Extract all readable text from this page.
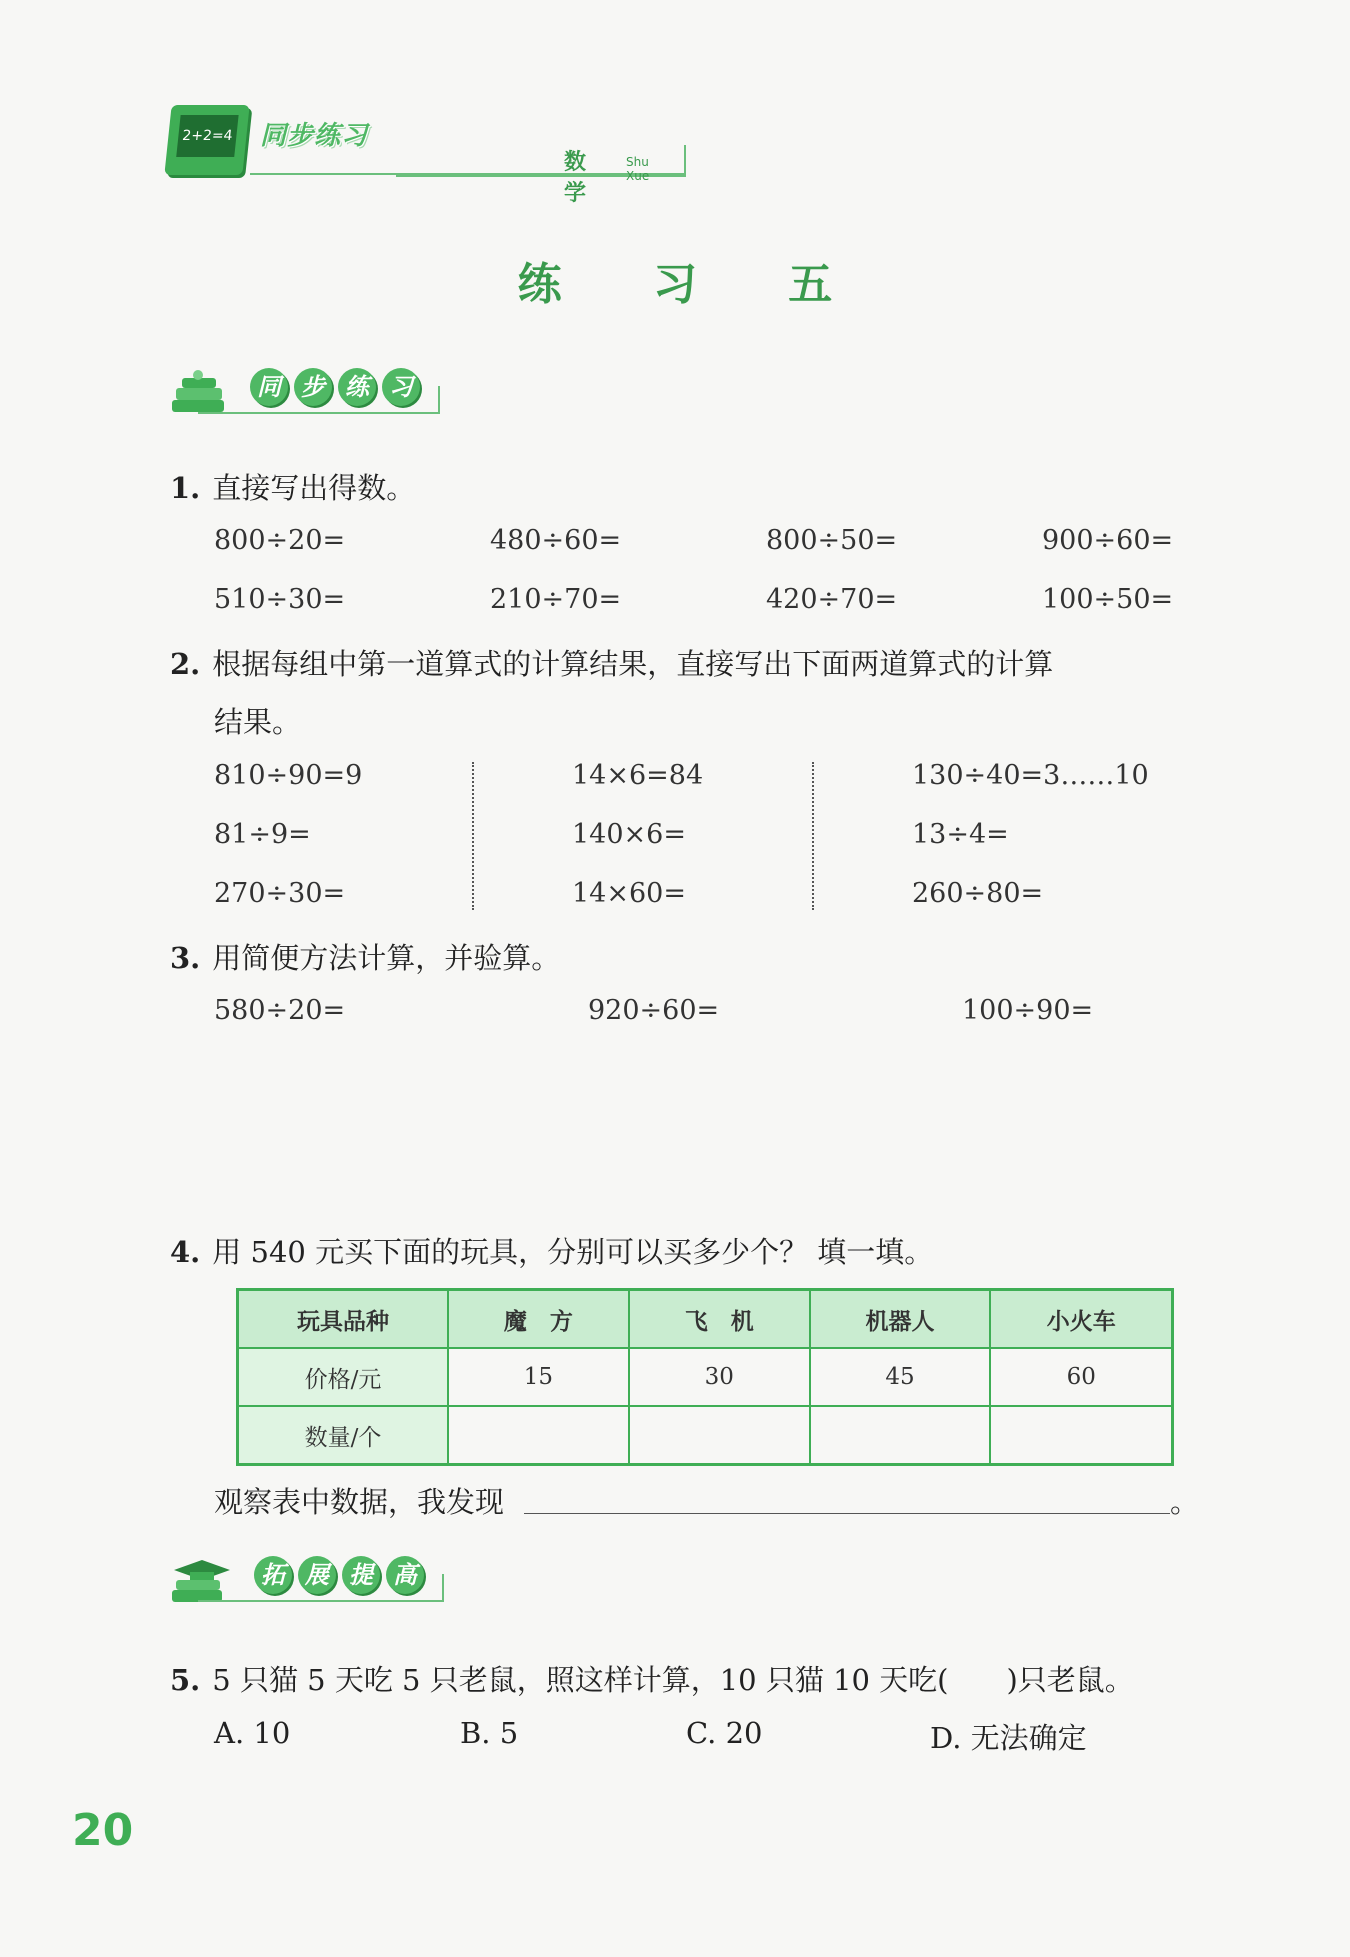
2+2=4 同步练习
数学
Shu Xue
练 习 五
同 步 练 习
1. 直接写出得数。
800÷20=	480÷60=	800÷50=	900÷60=
510÷30=	210÷70=	420÷70=	100÷50=
2. 根据每组中第一道算式的计算结果，直接写出下面两道算式的计算
结果。
810÷90=9
81÷9=
270÷30=
14×6=84
140×6=
14×60=
130÷40=3……10
13÷4=
260÷80=
3. 用简便方法计算，并验算。
580÷20=	920÷60=	100÷90=
4. 用 540 元买下面的玩具，分别可以买多少个？ 填一填。
玩具品种	魔　方	飞　机	机器人	小火车
价格/元	15	30	45	60
数量/个				
观察表中数据，我发现	。
拓 展 提 高
5. 5 只猫 5 天吃 5 只老鼠，照这样计算，10 只猫 10 天吃(　　)只老鼠。
A. 10	B. 5	C. 20	D. 无法确定
20
